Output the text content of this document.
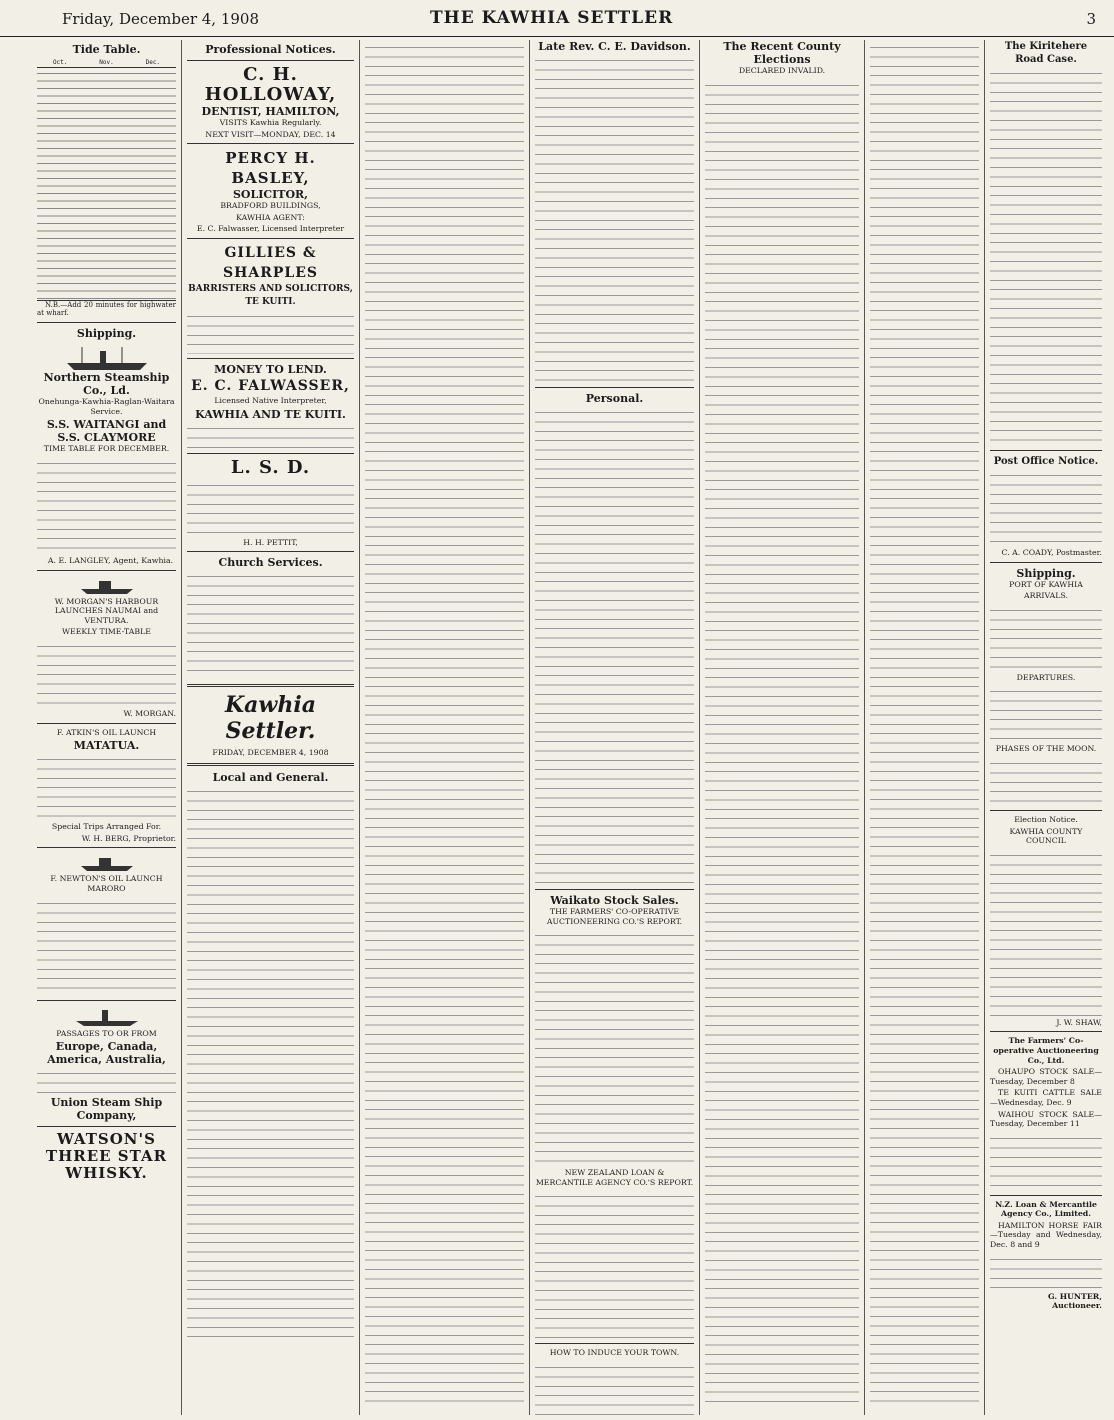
Friday, December 4, 1908	THE KAWHIA SETTLER	3
Tide Table.
Oct.	Nov.	Dec.
N.B.—Add 20 minutes for highwater at wharf.
Shipping.
Northern Steamship Co., Ld.
Onehunga-Kawhia-Raglan-Waitara Service.
S.S. WAITANGI and S.S. CLAYMORE
TIME TABLE FOR DECEMBER.
A. E. LANGLEY, Agent, Kawhia.
W. MORGAN'S HARBOUR LAUNCHES NAUMAI and VENTURA.
WEEKLY TIME-TABLE
W. MORGAN.
F. ATKIN'S OIL LAUNCH
MATATUA.
Special Trips Arranged For.
W. H. BERG, Proprietor.
F. NEWTON'S OIL LAUNCH MARORO
PASSAGES TO OR FROM
Europe, Canada, America, Australia,
Union Steam Ship Company,
WATSON'S THREE STAR WHISKY.
Professional Notices.
C. H. HOLLOWAY,
DENTIST, HAMILTON,
VISITS Kawhia Regularly.
NEXT VISIT—MONDAY, DEC. 14
PERCY H. BASLEY,
SOLICITOR,
BRADFORD BUILDINGS,
KAWHIA AGENT:
E. C. Falwasser, Licensed Interpreter
GILLIES & SHARPLES
BARRISTERS AND SOLICITORS, TE KUITI.
MONEY TO LEND.
E. C. FALWASSER,
Licensed Native Interpreter,
KAWHIA AND TE KUITI.
L. S. D.
H. H. PETTIT,
Church Services.
Kawhia Settler.
FRIDAY, DECEMBER 4, 1908
Local and General.
Late Rev. C. E. Davidson.
Personal.
Waikato Stock Sales.
THE FARMERS' CO-OPERATIVE AUCTIONEERING CO.'S REPORT.
NEW ZEALAND LOAN & MERCANTILE AGENCY CO.'S REPORT.
HOW TO INDUCE YOUR TOWN.
The Recent County Elections
DECLARED INVALID.
The Kiritehere Road Case.
Post Office Notice.
C. A. COADY, Postmaster.
Shipping.
PORT OF KAWHIA
ARRIVALS.
DEPARTURES.
PHASES OF THE MOON.
Election Notice.
KAWHIA COUNTY COUNCIL
J. W. SHAW,
The Farmers' Co-operative Auctioneering Co., Ltd.
OHAUPO STOCK SALE—Tuesday, December 8
TE KUITI CATTLE SALE—Wednesday, Dec. 9
WAIHOU STOCK SALE—Tuesday, December 11
N.Z. Loan & Mercantile Agency Co., Limited.
HAMILTON HORSE FAIR—Tuesday and Wednesday, Dec. 8 and 9
G. HUNTER, Auctioneer.
